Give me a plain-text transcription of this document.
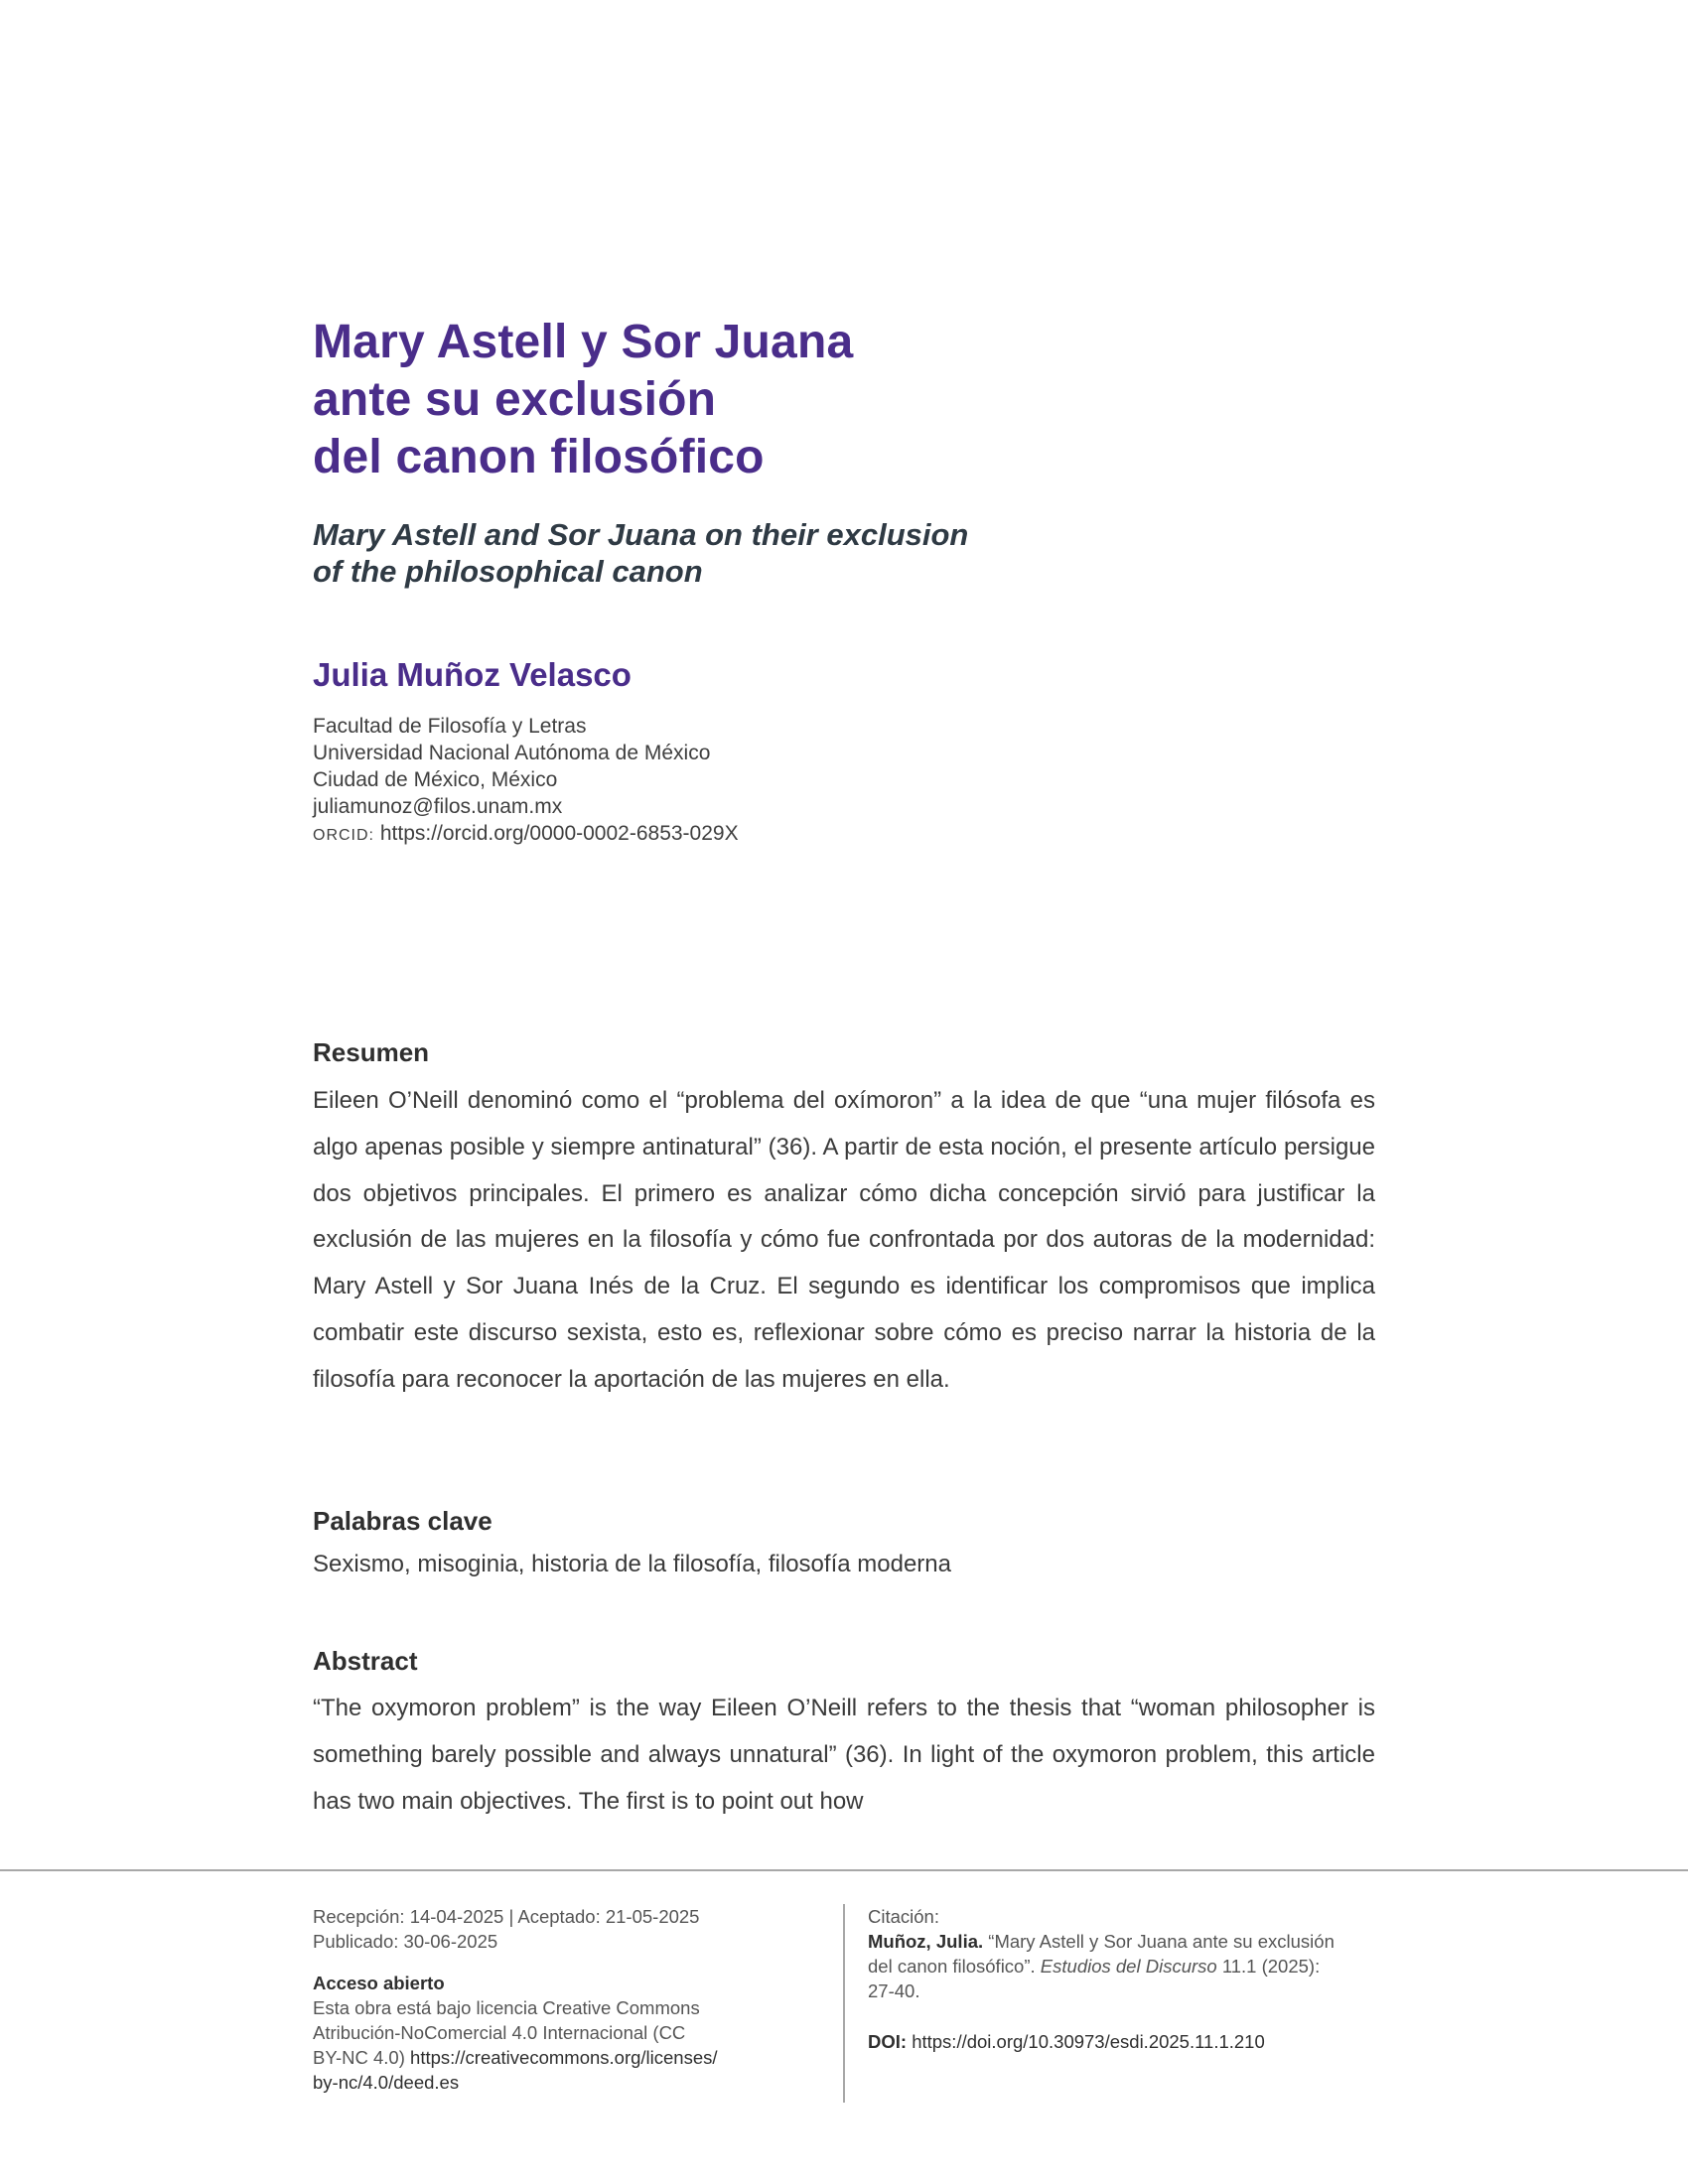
Mary Astell y Sor Juana
ante su exclusión
del canon filosófico
Mary Astell and Sor Juana on their exclusion
of the philosophical canon
Julia Muñoz Velasco
Facultad de Filosofía y Letras
Universidad Nacional Autónoma de México
Ciudad de México, México
juliamunoz@filos.unam.mx
ORCID: https://orcid.org/0000-0002-6853-029X
Resumen
Eileen O’Neill denominó como el “problema del oxímoron” a la idea de que “una mujer filósofa es algo apenas posible y siempre antinatural” (36). A partir de esta noción, el presente artículo persigue dos objetivos principales. El primero es analizar cómo dicha concepción sirvió para justificar la exclusión de las mujeres en la filosofía y cómo fue confrontada por dos autoras de la modernidad: Mary Astell y Sor Juana Inés de la Cruz. El segundo es identificar los compromisos que implica combatir este discurso sexista, esto es, reflexionar sobre cómo es preciso narrar la historia de la filosofía para reconocer la aportación de las mujeres en ella.
Palabras clave
Sexismo, misoginia, historia de la filosofía, filosofía moderna
Abstract
“The oxymoron problem” is the way Eileen O’Neill refers to the thesis that “woman philosopher is something barely possible and always unnatural” (36). In light of the oxymoron problem, this article has two main objectives. The first is to point out how
Recepción: 14-04-2025 | Aceptado: 21-05-2025
Publicado: 30-06-2025
Acceso abierto
Esta obra está bajo licencia Creative Commons
Atribución-NoComercial 4.0 Internacional (CC
BY-NC 4.0) https://creativecommons.org/licenses/
by-nc/4.0/deed.es
Citación:
Muñoz, Julia. “Mary Astell y Sor Juana ante su exclusión del canon filosófico”. Estudios del Discurso 11.1 (2025): 27-40.
DOI: https://doi.org/10.30973/esdi.2025.11.1.210
